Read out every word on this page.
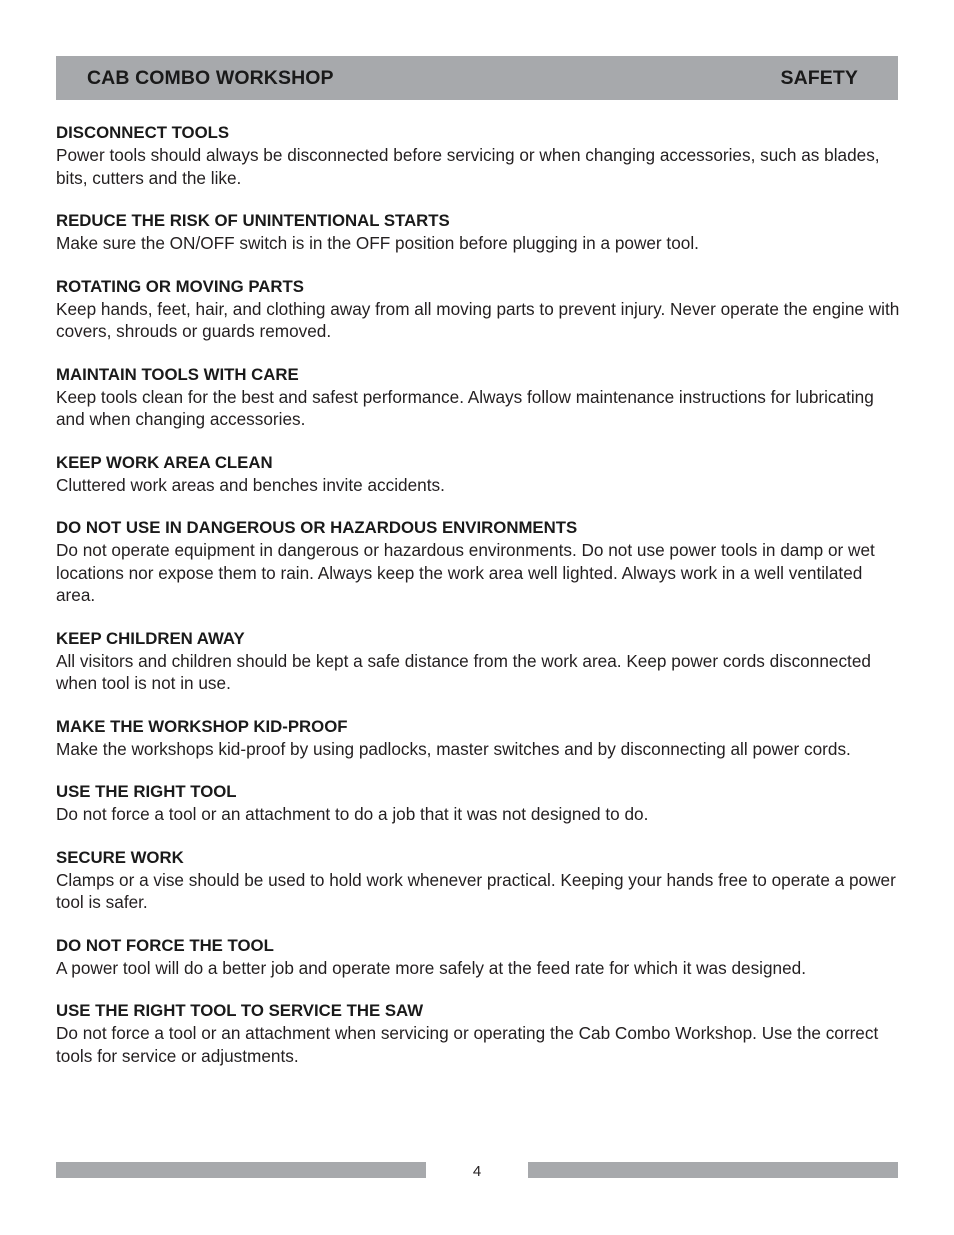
CAB COMBO WORKSHOP	SAFETY
DISCONNECT TOOLS

Power tools should always be disconnected before servicing or when changing accessories, such as blades, bits, cutters and the like.

REDUCE THE RISK OF UNINTENTIONAL STARTS

Make sure the ON/OFF switch is in the OFF position before plugging in a power tool.

ROTATING OR MOVING PARTS

Keep hands, feet, hair, and clothing away from all moving parts to prevent injury. Never operate the engine with covers, shrouds or guards removed.

MAINTAIN TOOLS WITH CARE

Keep tools clean for the best and safest performance. Always follow maintenance instructions for lubricating and when changing accessories.

KEEP WORK AREA CLEAN

Cluttered work areas and benches invite accidents.

DO NOT USE IN DANGEROUS OR HAZARDOUS ENVIRONMENTS

Do not operate equipment in dangerous or hazardous environments. Do not use power tools in damp or wet locations nor expose them to rain. Always keep the work area well lighted. Always work in a well ventilated area.

KEEP CHILDREN AWAY

All visitors and children should be kept a safe distance from the work area. Keep power cords disconnected when tool is not in use.

MAKE THE WORKSHOP KID-PROOF

Make the workshops kid-proof by using padlocks, master switches and by disconnecting all power cords.

USE THE RIGHT TOOL

Do not force a tool or an attachment to do a job that it was not designed to do.

SECURE WORK

Clamps or a vise should be used to hold work whenever practical. Keeping your hands free to operate a power tool is safer.

DO NOT FORCE THE TOOL

A power tool will do a better job and operate more safely at the feed rate for which it was designed.

USE THE RIGHT TOOL TO SERVICE THE SAW

Do not force a tool or an attachment when servicing or operating the Cab Combo Workshop. Use the correct tools for service or adjustments.

4
